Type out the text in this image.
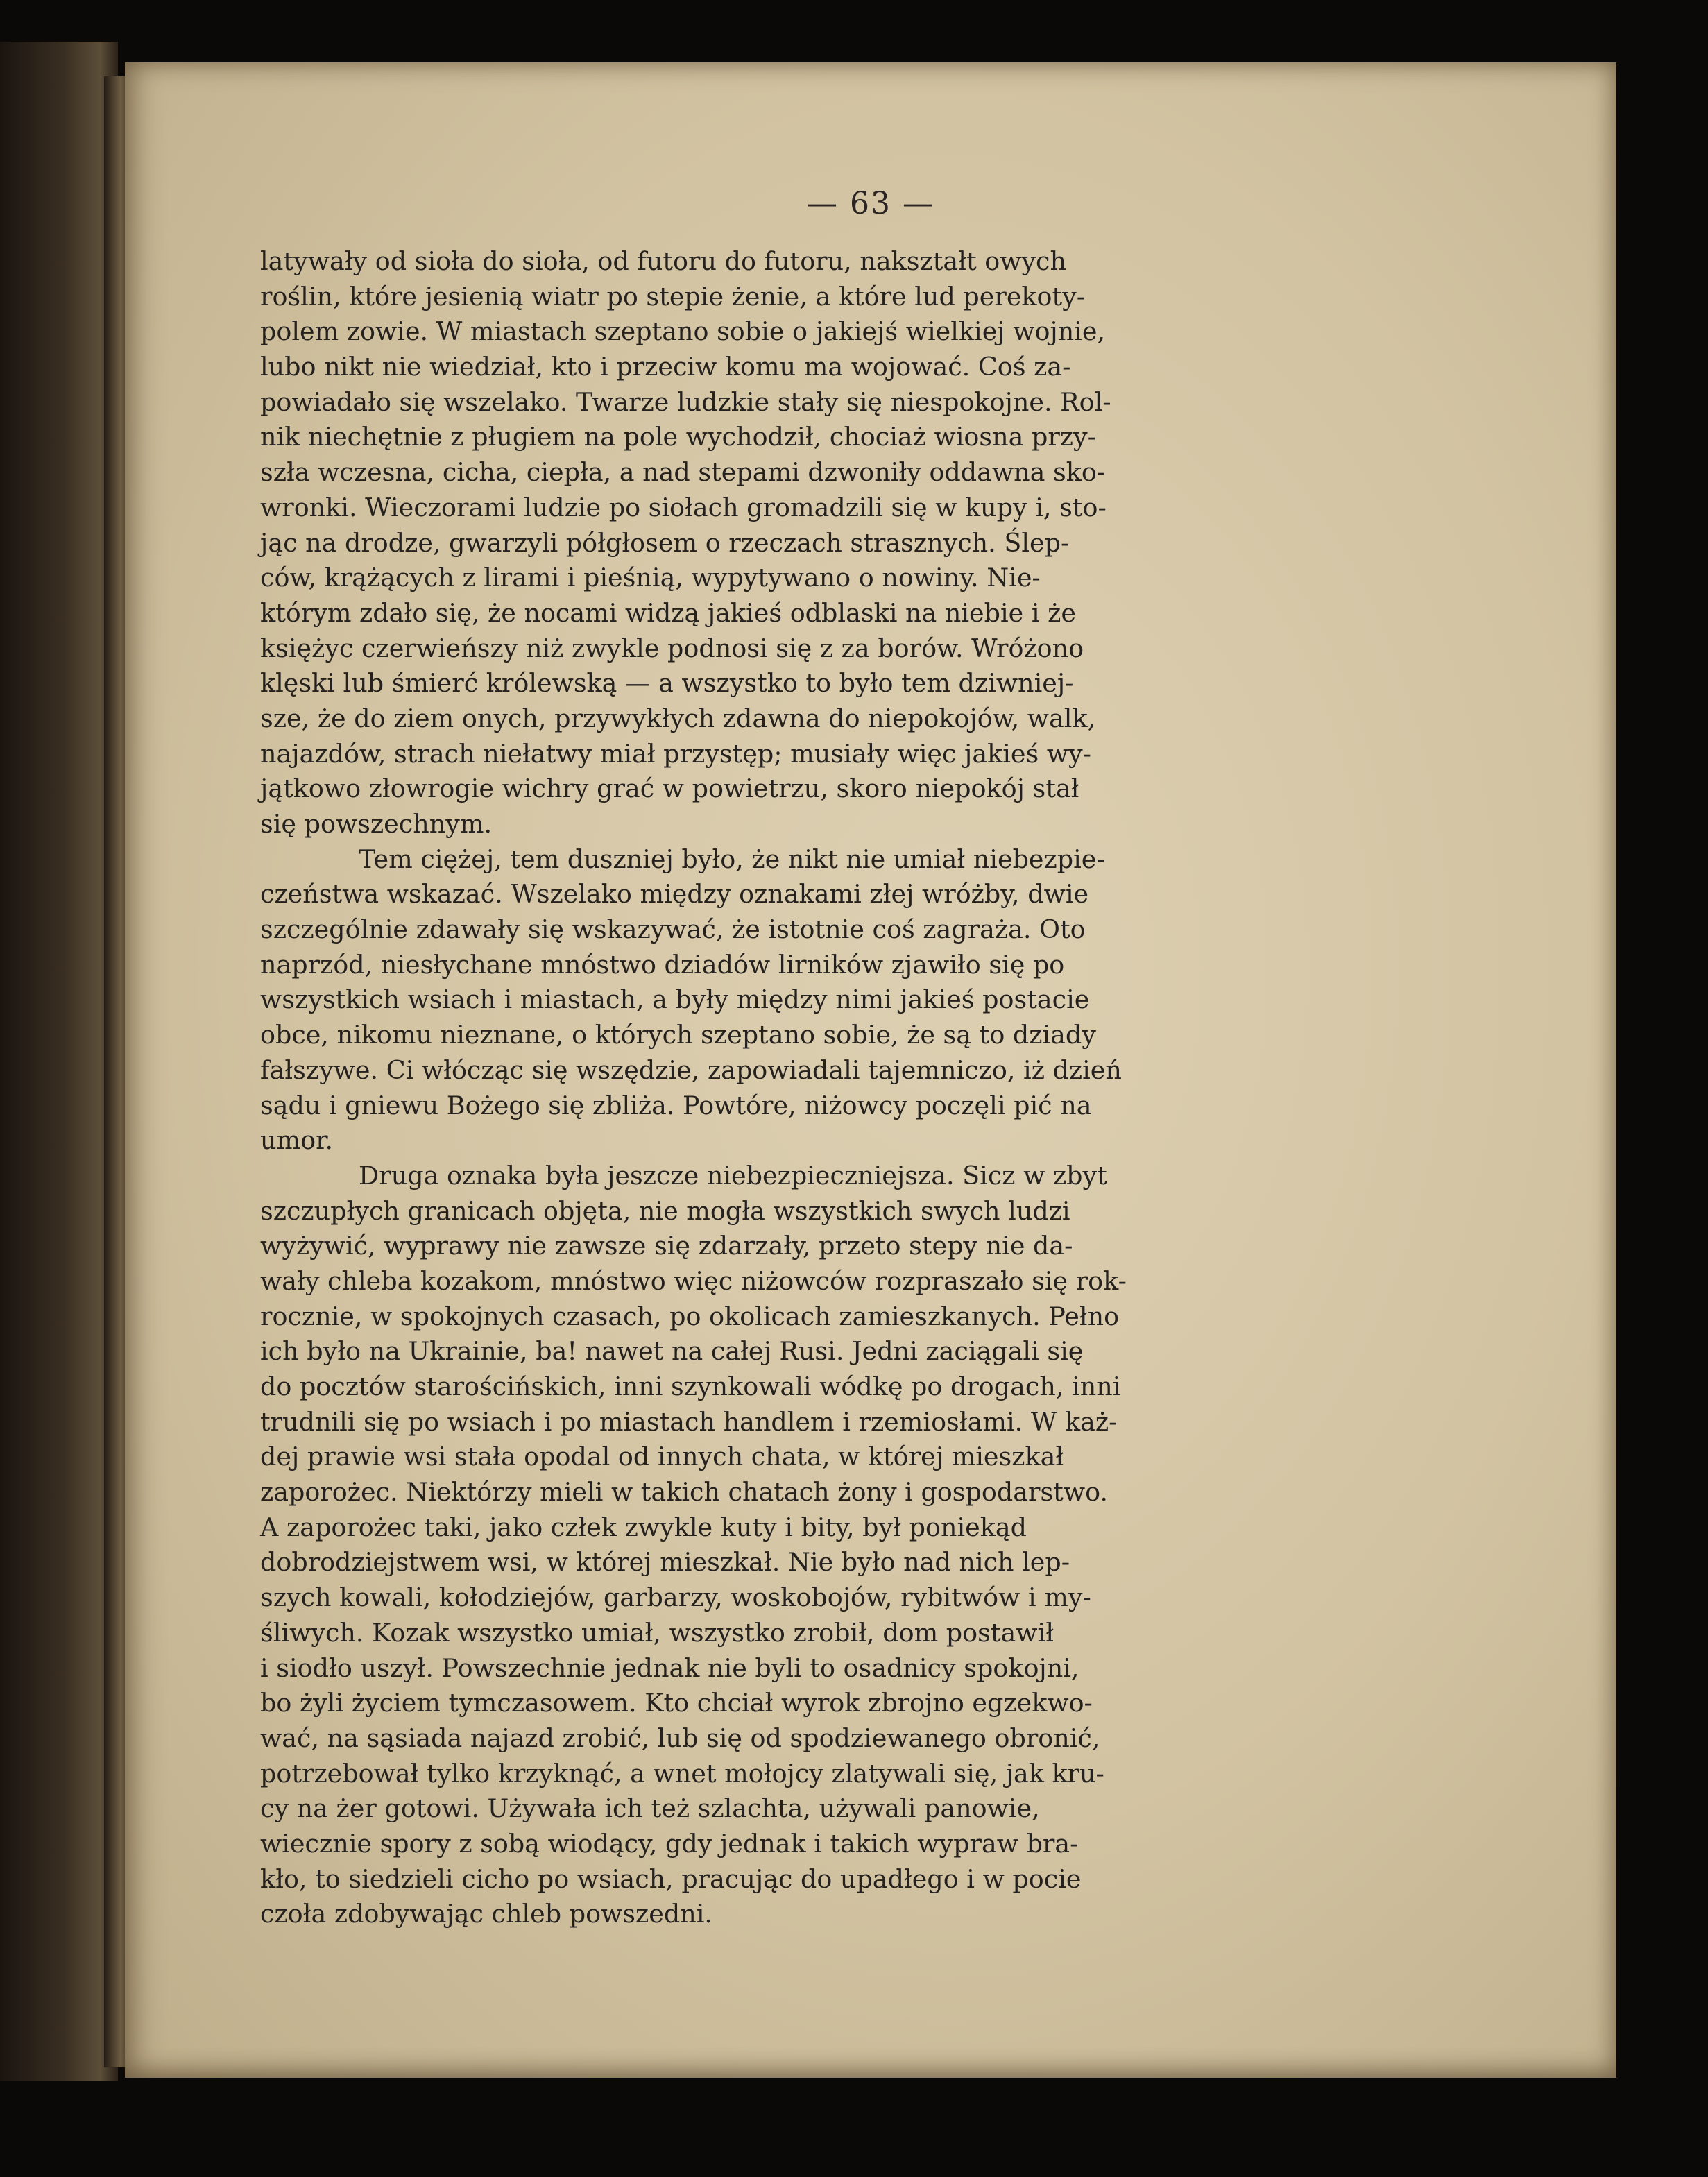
— 63 —
latywały od sioła do sioła, od futoru do futoru, nakształt owych
roślin, które jesienią wiatr po stepie żenie, a które lud perekoty-
polem zowie. W miastach szeptano sobie o jakiejś wielkiej wojnie,
lubo nikt nie wiedział, kto i przeciw komu ma wojować. Coś za-
powiadało się wszelako. Twarze ludzkie stały się niespokojne. Rol-
nik niechętnie z pługiem na pole wychodził, chociaż wiosna przy-
szła wczesna, cicha, ciepła, a nad stepami dzwoniły oddawna sko-
wronki. Wieczorami ludzie po siołach gromadzili się w kupy i, sto-
jąc na drodze, gwarzyli półgłosem o rzeczach strasznych. Ślep-
ców, krążących z lirami i pieśnią, wypytywano o nowiny. Nie-
którym zdało się, że nocami widzą jakieś odblaski na niebie i że
księżyc czerwieńszy niż zwykle podnosi się z za borów. Wróżono
klęski lub śmierć królewską — a wszystko to było tem dziwniej-
sze, że do ziem onych, przywykłych zdawna do niepokojów, walk,
najazdów, strach niełatwy miał przystęp; musiały więc jakieś wy-
jątkowo złowrogie wichry grać w powietrzu, skoro niepokój stał
się powszechnym.
Tem ciężej, tem duszniej było, że nikt nie umiał niebezpie-
czeństwa wskazać. Wszelako między oznakami złej wróżby, dwie
szczególnie zdawały się wskazywać, że istotnie coś zagraża. Oto
naprzód, niesłychane mnóstwo dziadów lirników zjawiło się po
wszystkich wsiach i miastach, a były między nimi jakieś postacie
obce, nikomu nieznane, o których szeptano sobie, że są to dziady
fałszywe. Ci włócząc się wszędzie, zapowiadali tajemniczo, iż dzień
sądu i gniewu Bożego się zbliża. Powtóre, niżowcy poczęli pić na
umor.
Druga oznaka była jeszcze niebezpieczniejsza. Sicz w zbyt
szczupłych granicach objęta, nie mogła wszystkich swych ludzi
wyżywić, wyprawy nie zawsze się zdarzały, przeto stepy nie da-
wały chleba kozakom, mnóstwo więc niżowców rozpraszało się rok-
rocznie, w spokojnych czasach, po okolicach zamieszkanych. Pełno
ich było na Ukrainie, ba! nawet na całej Rusi. Jedni zaciągali się
do pocztów starościńskich, inni szynkowali wódkę po drogach, inni
trudnili się po wsiach i po miastach handlem i rzemiosłami. W każ-
dej prawie wsi stała opodal od innych chata, w której mieszkał
zaporożec. Niektórzy mieli w takich chatach żony i gospodarstwo.
A zaporożec taki, jako człek zwykle kuty i bity, był poniekąd
dobrodziejstwem wsi, w której mieszkał. Nie było nad nich lep-
szych kowali, kołodziejów, garbarzy, woskobojów, rybitwów i my-
śliwych. Kozak wszystko umiał, wszystko zrobił, dom postawił
i siodło uszył. Powszechnie jednak nie byli to osadnicy spokojni,
bo żyli życiem tymczasowem. Kto chciał wyrok zbrojno egzekwo-
wać, na sąsiada najazd zrobić, lub się od spodziewanego obronić,
potrzebował tylko krzyknąć, a wnet mołojcy zlatywali się, jak kru-
cy na żer gotowi. Używała ich też szlachta, używali panowie,
wiecznie spory z sobą wiodący, gdy jednak i takich wypraw bra-
kło, to siedzieli cicho po wsiach, pracując do upadłego i w pocie
czoła zdobywając chleb powszedni.
